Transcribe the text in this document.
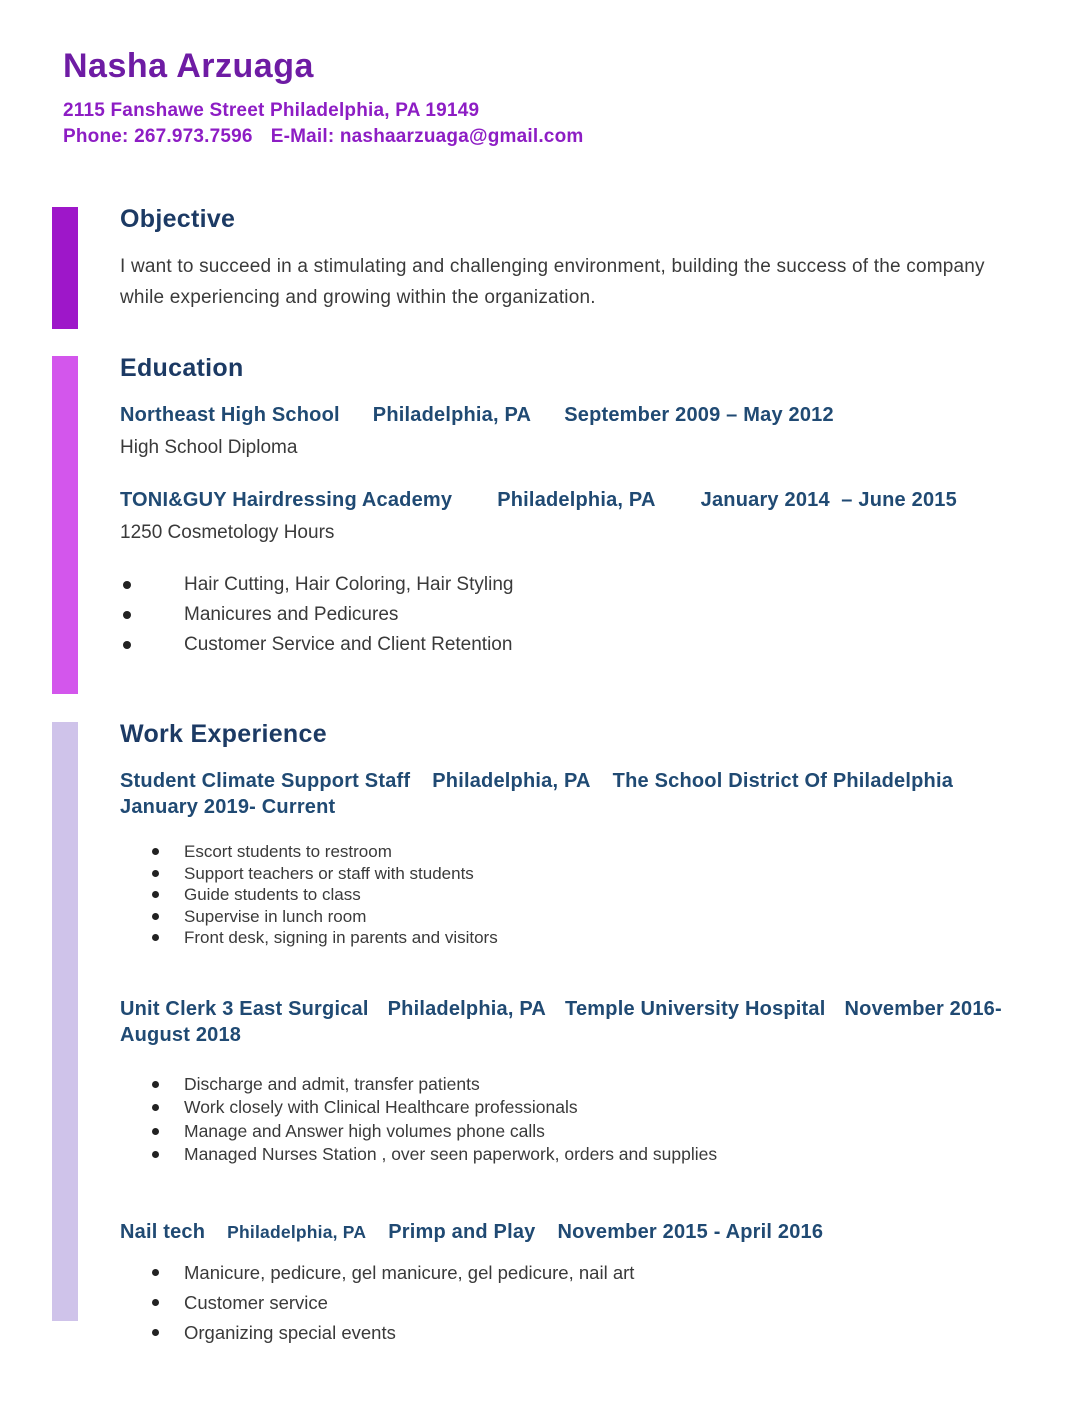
Nasha Arzuaga
2115 Fanshawe Street Philadelphia, PA 19149
Phone: 267.973.7596 E-Mail: nashaarzuaga@gmail.com
Objective
I want to succeed in a stimulating and challenging environment, building the success of the company while experiencing and growing within the organization.
Education
Northeast High School Philadelphia, PA September 2009 – May 2012
High School Diploma
TONI&GUY Hairdressing Academy Philadelphia, PA January 2014  – June 2015
1250 Cosmetology Hours
Hair Cutting, Hair Coloring, Hair Styling
Manicures and Pedicures
Customer Service and Client Retention
Work Experience
Student Climate Support Staff Philadelphia, PA The School District Of Philadelphia
January 2019- Current
Escort students to restroom
Support teachers or staff with students
Guide students to class
Supervise in lunch room
Front desk, signing in parents and visitors
Unit Clerk 3 East Surgical Philadelphia, PA Temple University Hospital November 2016-
August 2018
Discharge and admit, transfer patients
Work closely with Clinical Healthcare professionals
Manage and Answer high volumes phone calls
Managed Nurses Station , over seen paperwork, orders and supplies
Nail tech Philadelphia, PA Primp and Play November 2015 - April 2016
Manicure, pedicure, gel manicure, gel pedicure, nail art
Customer service
Organizing special events
